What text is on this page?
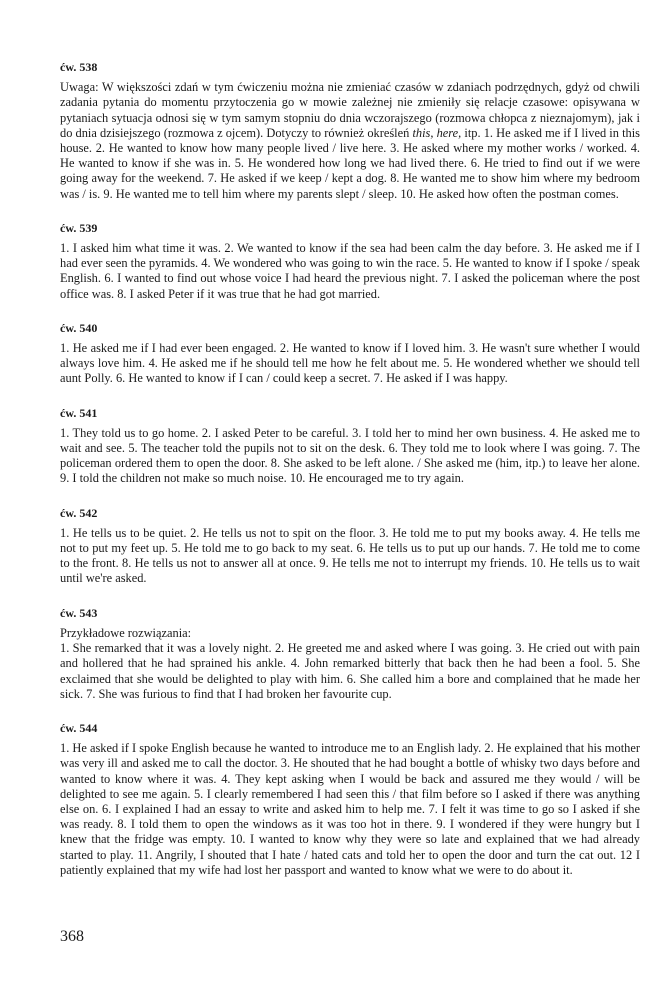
ćw. 538
Uwaga: W większości zdań w tym ćwiczeniu można nie zmieniać czasów w zdaniach podrzędnych, gdyż od chwili zadania pytania do momentu przytoczenia go w mowie zależnej nie zmieniły się relacje czasowe: opisywana w pytaniach sytuacja odnosi się w tym samym stopniu do dnia wczorajszego (rozmowa chłopca z nieznajomym), jak i do dnia dzisiejszego (rozmowa z ojcem). Dotyczy to również określeń this, here, itp. 1. He asked me if I lived in this house. 2. He wanted to know how many people lived / live here. 3. He asked where my mother works / worked. 4. He wanted to know if she was in. 5. He wondered how long we had lived there. 6. He tried to find out if we were going away for the weekend. 7. He asked if we keep / kept a dog. 8. He wanted me to show him where my bedroom was / is. 9. He wanted me to tell him where my parents slept / sleep. 10. He asked how often the postman comes.
ćw. 539
1. I asked him what time it was. 2. We wanted to know if the sea had been calm the day before. 3. He asked me if I had ever seen the pyramids. 4. We wondered who was going to win the race. 5. He wanted to know if I spoke / speak English. 6. I wanted to find out whose voice I had heard the previous night. 7. I asked the policeman where the post office was. 8. I asked Peter if it was true that he had got married.
ćw. 540
1. He asked me if I had ever been engaged. 2. He wanted to know if I loved him. 3. He wasn't sure whether I would always love him. 4. He asked me if he should tell me how he felt about me. 5. He wondered whether we should tell aunt Polly. 6. He wanted to know if I can / could keep a secret. 7. He asked if I was happy.
ćw. 541
1. They told us to go home. 2. I asked Peter to be careful. 3. I told her to mind her own business. 4. He asked me to wait and see. 5. The teacher told the pupils not to sit on the desk. 6. They told me to look where I was going. 7. The policeman ordered them to open the door. 8. She asked to be left alone. / She asked me (him, itp.) to leave her alone. 9. I told the children not make so much noise. 10. He encouraged me to try again.
ćw. 542
1. He tells us to be quiet. 2. He tells us not to spit on the floor. 3. He told me to put my books away. 4. He tells me not to put my feet up. 5. He told me to go back to my seat. 6. He tells us to put up our hands. 7. He told me to come to the front. 8. He tells us not to answer all at once. 9. He tells me not to interrupt my friends. 10. He tells us to wait until we're asked.
ćw. 543
Przykładowe rozwiązania:
1. She remarked that it was a lovely night. 2. He greeted me and asked where I was going. 3. He cried out with pain and hollered that he had sprained his ankle. 4. John remarked bitterly that back then he had been a fool. 5. She exclaimed that she would be delighted to play with him. 6. She called him a bore and complained that he made her sick. 7. She was furious to find that I had broken her favourite cup.
ćw. 544
1. He asked if I spoke English because he wanted to introduce me to an English lady. 2. He explained that his mother was very ill and asked me to call the doctor. 3. He shouted that he had bought a bottle of whisky two days before and wanted to know where it was. 4. They kept asking when I would be back and assured me they would / will be delighted to see me again. 5. I clearly remembered I had seen this / that film before so I asked if there was anything else on. 6. I explained I had an essay to write and asked him to help me. 7. I felt it was time to go so I asked if she was ready. 8. I told them to open the windows as it was too hot in there. 9. I wondered if they were hungry but I knew that the fridge was empty. 10. I wanted to know why they were so late and explained that we had already started to play. 11. Angrily, I shouted that I hate / hated cats and told her to open the door and turn the cat out. 12 I patiently explained that my wife had lost her passport and wanted to know what we were to do about it.
368
